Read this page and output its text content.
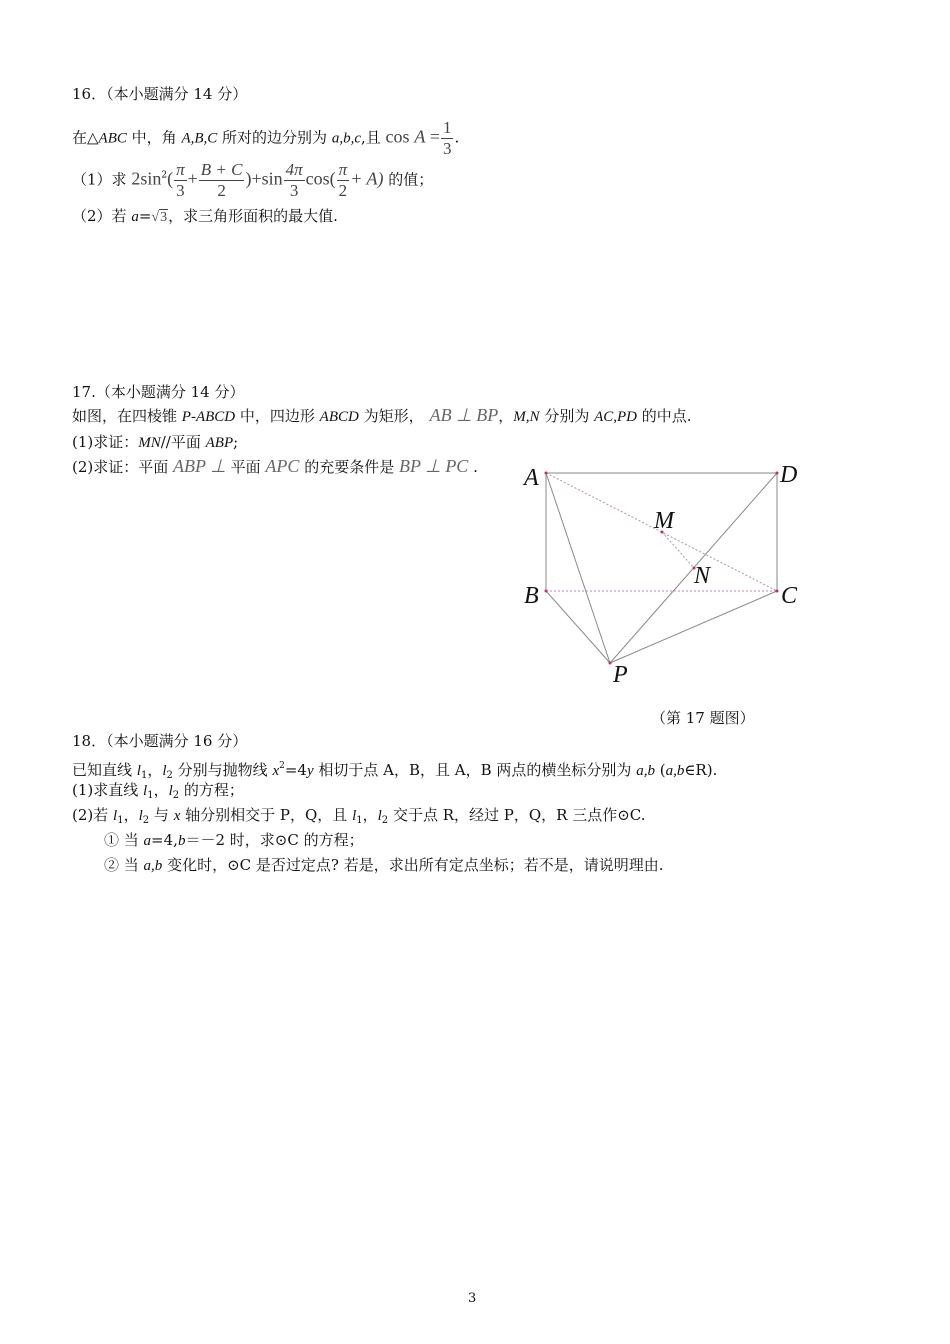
16．（本小题满分 14 分）
在△ABC 中，角 A,B,C 所对的边分别为 a,b,c,且 $\cos A = \frac{1}{3}$ .
（1）求 $2\sin^2( \frac{\pi}{3} + \frac{B + C}{2} )+\sin \frac{4\pi}{3} \cos( \frac{\pi}{2} + A)$ 的值；
（2）若 a=√3，求三角形面积的最大值.
17.（本小题满分 14 分）
如图，在四棱锥 P-ABCD 中，四边形 ABCD 为矩形， AB ⊥ BP，M,N 分别为 AC,PD 的中点.
(1)求证：MN//平面 ABP;
(2)求证：平面 ABP ⊥ 平面 APC 的充要条件是 BP ⊥ PC . A	D
B	C
M
N
P
（第 17 题图）
18．（本小题满分 16 分）
已知直线 $l_1$，$l_2$ 分别与抛物线 $x^2=4y$ 相切于点 A，B，且 A，B 两点的横坐标分别为 a,b (a,b∈R).
(1)求直线 $l_1$，$l_2$ 的方程；
(2)若 $l_1$，$l_2$ 与 x 轴分别相交于 P，Q，且 $l_1$，$l_2$ 交于点 R，经过 P，Q，R 三点作⊙C.
① 当 a=4,b＝－2 时，求⊙C 的方程；
② 当 a,b 变化时，⊙C 是否过定点? 若是，求出所有定点坐标；若不是，请说明理由.
3
